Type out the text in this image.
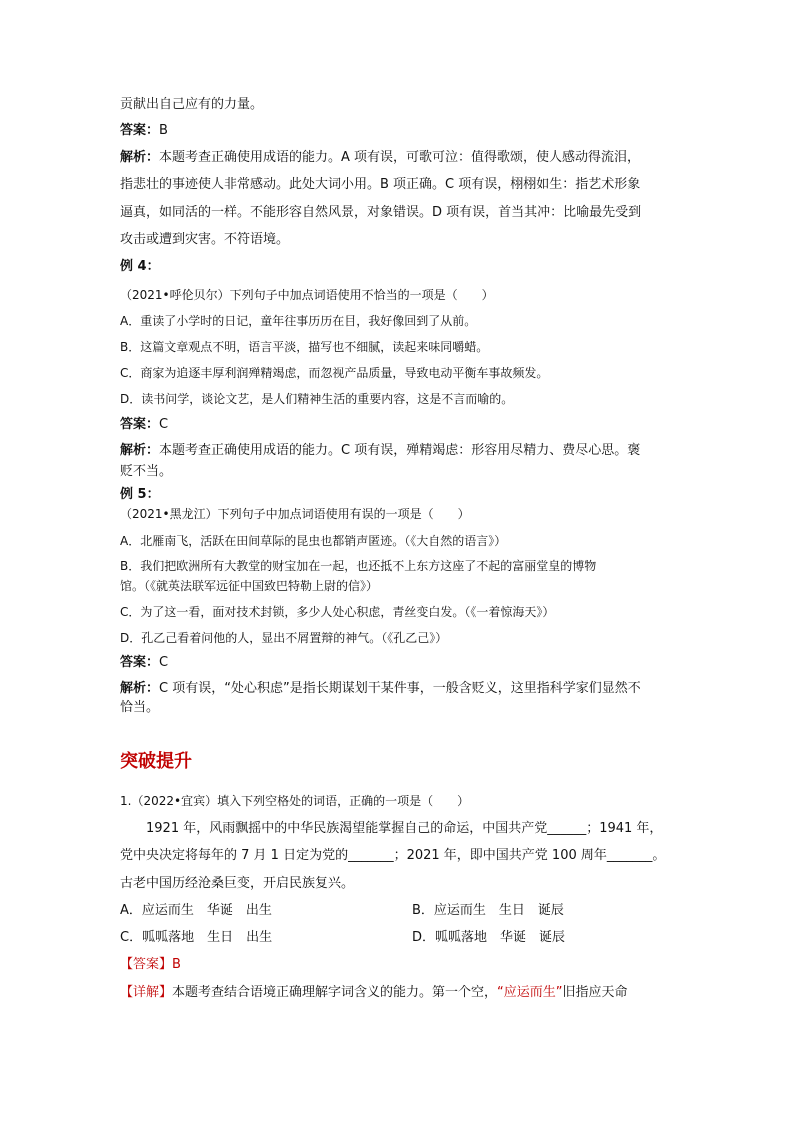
贡献出自己应有的力量。
答案：B
解析：本题考查正确使用成语的能力。A 项有误，可歌可泣：值得歌颂，使人感动得流泪，
指悲壮的事迹使人非常感动。此处大词小用。B 项正确。C 项有误，栩栩如生：指艺术形象
逼真，如同活的一样。不能形容自然风景，对象错误。D 项有误，首当其冲：比喻最先受到
攻击或遭到灾害。不符语境。
例 4：
（2021•呼伦贝尔）下列句子中加点词语使用不恰当的一项是（　　）
A．重读了小学时的日记，童年往事历历在目，我好像回到了从前。
B．这篇文章观点不明，语言平淡，描写也不细腻，读起来味同嚼蜡。
C．商家为追逐丰厚利润殚精竭虑，而忽视产品质量，导致电动平衡车事故频发。
D．读书问学，谈论文艺，是人们精神生活的重要内容，这是不言而喻的。
答案：C
解析：本题考查正确使用成语的能力。C 项有误，殚精竭虑：形容用尽精力、费尽心思。褒
贬不当。
例 5：
（2021•黑龙江）下列句子中加点词语使用有误的一项是（　　）
A．北雁南飞，活跃在田间草际的昆虫也都销声匿迹。（《大自然的语言》）
B．我们把欧洲所有大教堂的财宝加在一起，也还抵不上东方这座了不起的富丽堂皇的博物
馆。（《就英法联军远征中国致巴特勒上尉的信》）
C．为了这一看，面对技术封锁，多少人处心积虑，青丝变白发。（《一着惊海天》）
D．孔乙己看着问他的人，显出不屑置辩的神气。（《孔乙己》）
答案：C
解析：C 项有误，“处心积虑”是指长期谋划干某件事，一般含贬义，这里指科学家们显然不
恰当。
突破提升
1.（2022•宜宾）填入下列空格处的词语，正确的一项是（　　）
　　1921 年，风雨飘摇中的中华民族渴望能掌握自己的命运，中国共产党______；1941 年，
党中央决定将每年的 7 月 1 日定为党的_______；2021 年，即中国共产党 100 周年_______。
古老中国历经沧桑巨变，开启民族复兴。
A．应运而生　华诞　出生	B．应运而生　生日　诞辰
C．呱呱落地　生日　出生	D．呱呱落地　华诞　诞辰
【答案】B
【详解】本题考查结合语境正确理解字词含义的能力。第一个空，“应运而生”旧指应天命
